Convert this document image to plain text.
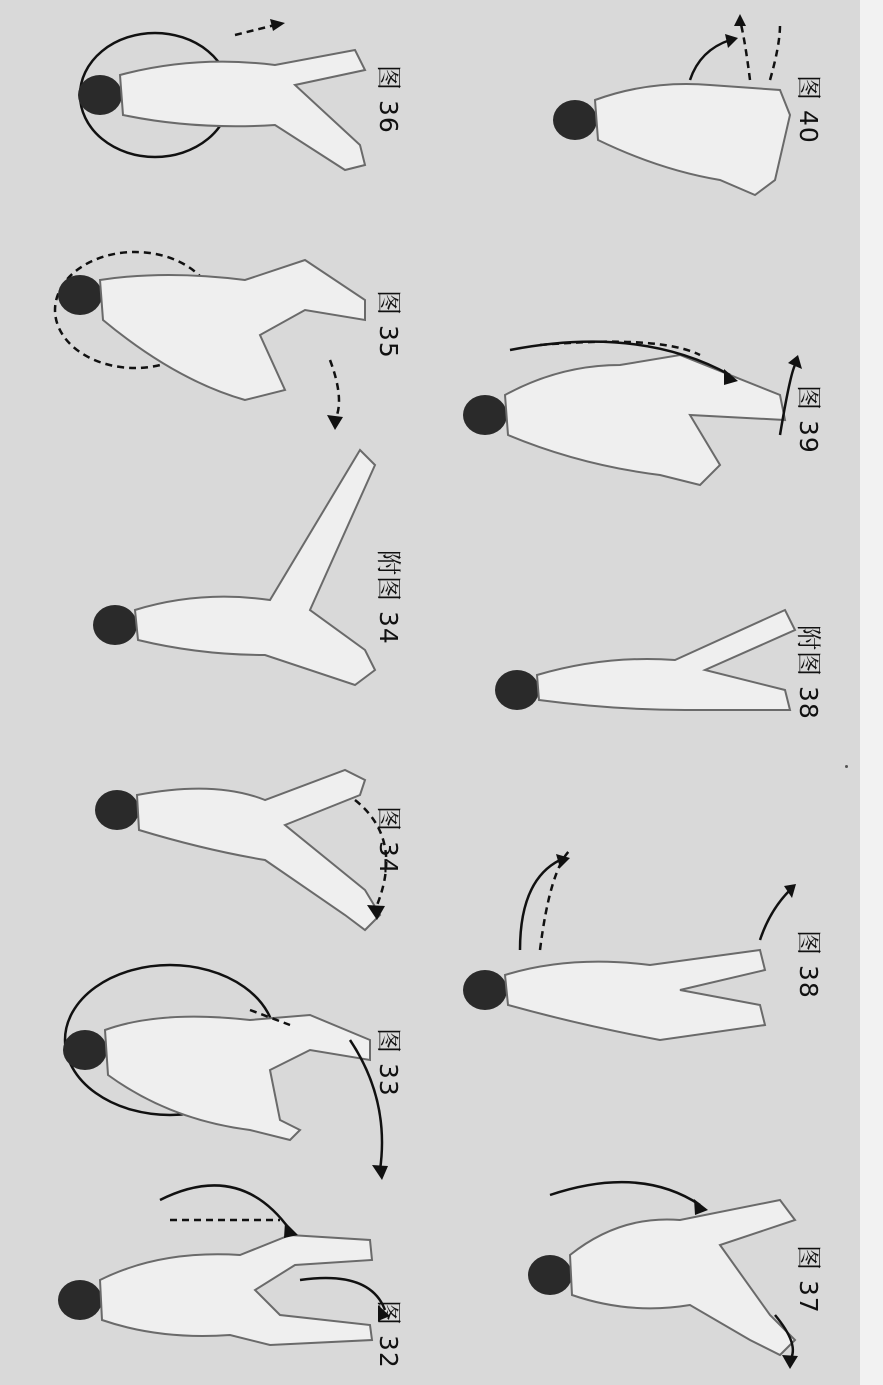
图 32
图 33
图 34
附图 34
图 35
图 36
图 37
图 38
附图 38
图 39
图 40
